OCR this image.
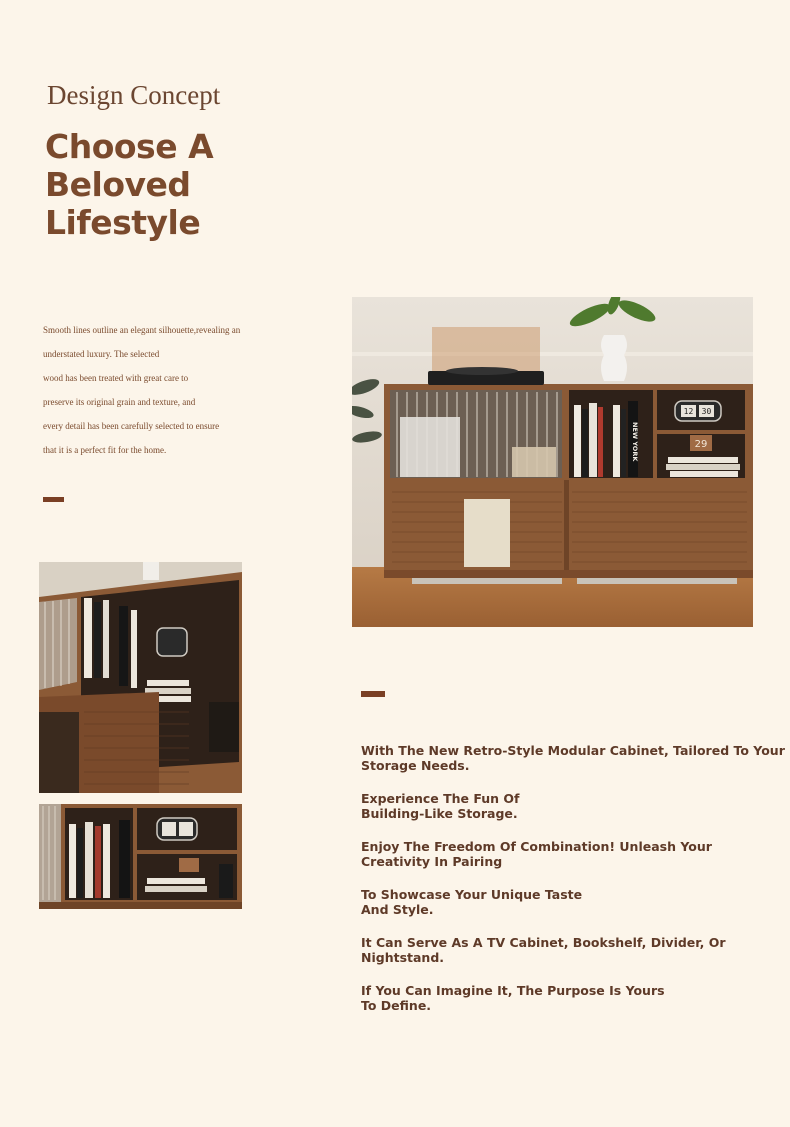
Design Concept
Choose A
Beloved
Lifestyle

Smooth lines outline an elegant silhouette,revealing an

understated luxury. The selected

wood has been treated with great care to

preserve its original grain and texture, and

every detail has been carefully selected to ensure

that it is a perfect fit for the home.	NEW YORK
12 30
29

With The New Retro-Style Modular Cabinet, Tailored To Your
Storage Needs.

Experience The Fun Of
Building-Like Storage.

Enjoy The Freedom Of Combination! Unleash Your
Creativity In Pairing

To Showcase Your Unique Taste
And Style.

It Can Serve As A TV Cabinet, Bookshelf, Divider, Or
Nightstand.

If You Can Imagine It, The Purpose Is Yours
To Define.
